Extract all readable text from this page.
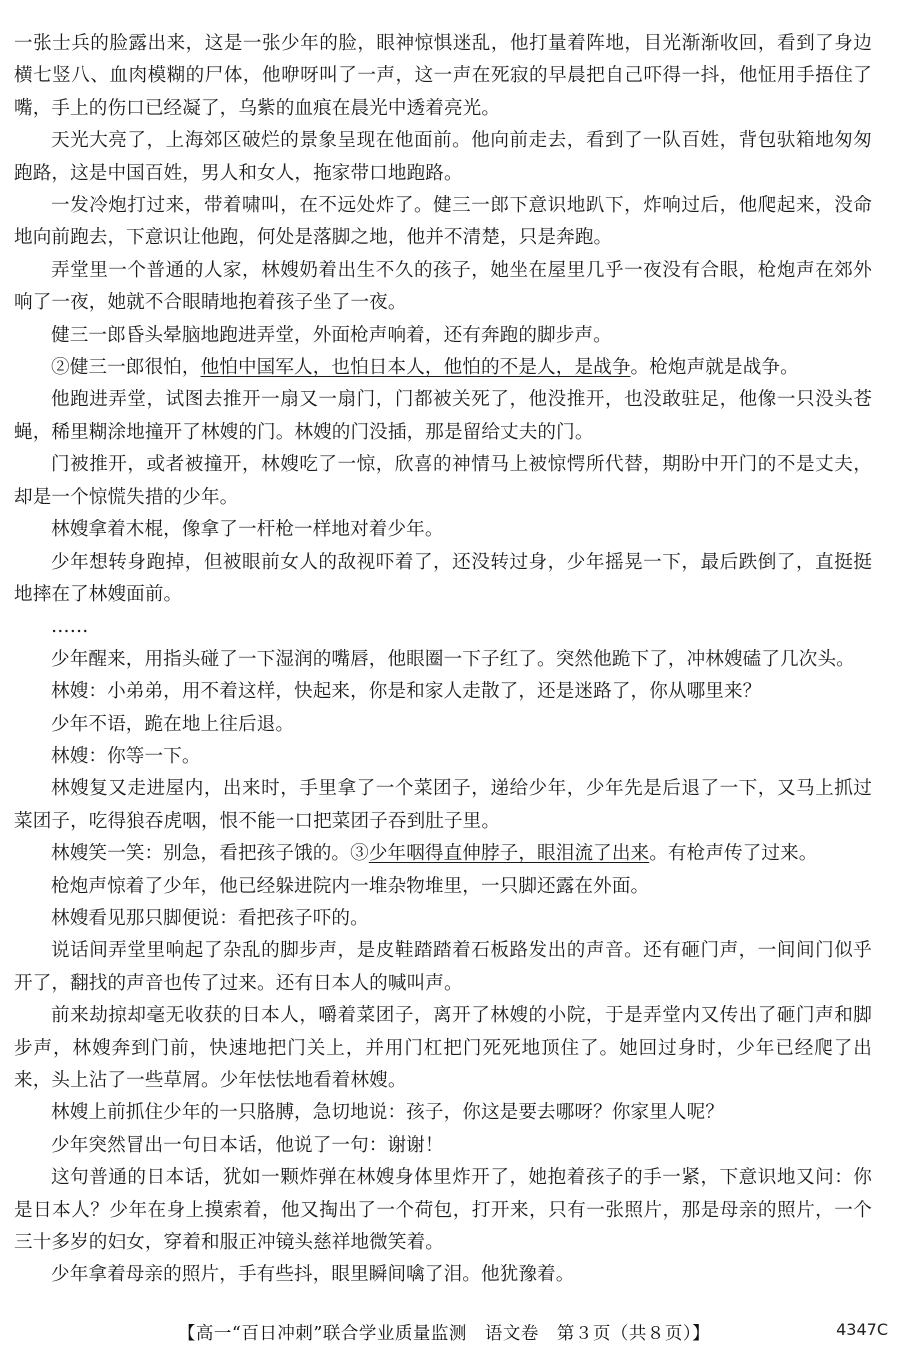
一张士兵的脸露出来，这是一张少年的脸，眼神惊惧迷乱，他打量着阵地，目光渐渐收回，看到了身边横七竖八、血肉模糊的尸体，他咿呀叫了一声，这一声在死寂的早晨把自己吓得一抖，他怔用手捂住了嘴，手上的伤口已经凝了，乌紫的血痕在晨光中透着亮光。

天光大亮了，上海郊区破烂的景象呈现在他面前。他向前走去，看到了一队百姓，背包驮箱地匆匆跑路，这是中国百姓，男人和女人，拖家带口地跑路。

一发冷炮打过来，带着啸叫，在不远处炸了。健三一郎下意识地趴下，炸响过后，他爬起来，没命地向前跑去，下意识让他跑，何处是落脚之地，他并不清楚，只是奔跑。

弄堂里一个普通的人家，林嫂奶着出生不久的孩子，她坐在屋里几乎一夜没有合眼，枪炮声在郊外响了一夜，她就不合眼睛地抱着孩子坐了一夜。

健三一郎昏头晕脑地跑进弄堂，外面枪声响着，还有奔跑的脚步声。

②健三一郎很怕，他怕中国军人，也怕日本人，他怕的不是人，是战争。枪炮声就是战争。

他跑进弄堂，试图去推开一扇又一扇门，门都被关死了，他没推开，也没敢驻足，他像一只没头苍蝇，稀里糊涂地撞开了林嫂的门。林嫂的门没插，那是留给丈夫的门。

门被推开，或者被撞开，林嫂吃了一惊，欣喜的神情马上被惊愕所代替，期盼中开门的不是丈夫，却是一个惊慌失措的少年。

林嫂拿着木棍，像拿了一杆枪一样地对着少年。

少年想转身跑掉，但被眼前女人的敌视吓着了，还没转过身，少年摇晃一下，最后跌倒了，直挺挺地摔在了林嫂面前。

……

少年醒来，用指头碰了一下湿润的嘴唇，他眼圈一下子红了。突然他跪下了，冲林嫂磕了几次头。

林嫂：小弟弟，用不着这样，快起来，你是和家人走散了，还是迷路了，你从哪里来？

少年不语，跪在地上往后退。

林嫂：你等一下。

林嫂复又走进屋内，出来时，手里拿了一个菜团子，递给少年，少年先是后退了一下，又马上抓过菜团子，吃得狼吞虎咽，恨不能一口把菜团子吞到肚子里。

林嫂笑一笑：别急，看把孩子饿的。③少年咽得直伸脖子，眼泪流了出来。有枪声传了过来。

枪炮声惊着了少年，他已经躲进院内一堆杂物堆里，一只脚还露在外面。

林嫂看见那只脚便说：看把孩子吓的。

说话间弄堂里响起了杂乱的脚步声，是皮鞋踏踏着石板路发出的声音。还有砸门声，一间间门似乎开了，翻找的声音也传了过来。还有日本人的喊叫声。

前来劫掠却毫无收获的日本人，嚼着菜团子，离开了林嫂的小院，于是弄堂内又传出了砸门声和脚步声，林嫂奔到门前，快速地把门关上，并用门杠把门死死地顶住了。她回过身时，少年已经爬了出来，头上沾了一些草屑。少年怯怯地看着林嫂。

林嫂上前抓住少年的一只胳膊，急切地说：孩子，你这是要去哪呀？你家里人呢？

少年突然冒出一句日本话，他说了一句：谢谢！

这句普通的日本话，犹如一颗炸弹在林嫂身体里炸开了，她抱着孩子的手一紧，下意识地又问：你是日本人？少年在身上摸索着，他又掏出了一个荷包，打开来，只有一张照片，那是母亲的照片，一个三十多岁的妇女，穿着和服正冲镜头慈祥地微笑着。

少年拿着母亲的照片，手有些抖，眼里瞬间噙了泪。他犹豫着。

【高一“百日冲刺”联合学业质量监测　语文卷　第３页（共８页）】	4347C
